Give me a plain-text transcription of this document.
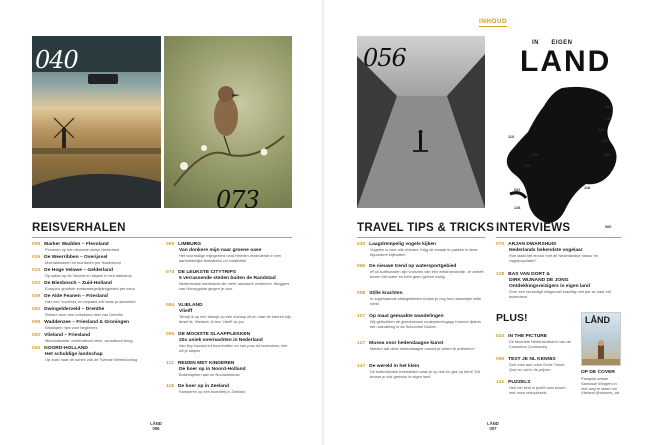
INHOUD
040
073
056
IN EIGEN
LAND
004
016
021
005
008
118
076
073
032
128
060
110
REISVERHALEN	TRAVEL TIPS & TRICKS INTERVIEWS
PLUS!
008 Marker Wadden – Flevoland
Pioneren op het nieuwste stukje Nederland
016 De Weerribben – Overijssel
Moerasbossen en kronkelen per fluisterboot
020 De Hoge Veluwe – Gelderland
Op safari op de Veluwe en slapen in een dakkamp
032 De Biesbosch – Zuid-Holland
Europa's grootste zoetwatergetijdengebied per kano
036 De Alde Feanen – Friesland
Hier een 'voorhuis' en bepaald zelf waar je aanmeert
052 Dwingelderveld – Drenthe
Fietsen door een onbekend deel van Drenthe
058 Waddenzee – Friesland & Groningen
Wadlopen: tips voor beginners
062 Vlieland – Friesland
Microvakantie: ochtendboot heen, avondboot terug
040 NOORD-HOLLAND
Het schuldige landschap
Op zoek naar de ruïnes van de Tweede Wereldoorlog
060 LIMBURG
Van donkere mijn naar groene oase
Het voormalige mijngebied rond Heerlen veranderde in een aantrekkelijke fietsstreek vol creativiteit
074 DE LEUKSTE CITYTRIPS
5 verrassende steden buiten de Randstad
Nederlandse stedtrands die meer aandacht verdienen. Bloggers van Honeyguide gingen je voor
084 VLIELAND
Vlieiff
Terwijl ik op een bankje op een duintop zit en naar de sterren kijk, besef ik: Vlieland, ik ben 'vlieiff' op jou
095 DE MOOISTE SLAAPPLEKKEN
20x uniek overnachten in Nederland
Van tiny houses tot boomhutten en van purs tot boshuizen, hier wil je slapen
112 REIZEN MET KINDEREN
De boer op in Noord-Holland
Buitenspelen aan de Noordzeekust
118 De boer op in Zeeland
Kamperen op een boerderij in Zeeland
030 Laagdrempelig vogels kijken
Vogelen is voor alle niveaus. Krijg de smaak te pakken in deze bijzondere kijkhutten
056 De nieuwe trend op watersportgebied
eFoil-surfboarden zijn voorzien van een elektromotortje. Je zweeft boven het water en hebt geen golven nodig
058 Stille krachten
In zogenaamde stiltegebieden ervaar je nog hoe natuurlijke stilte klinkt
107 Op maat gemaakte wandelingen
Wij gebruikten de gloednieuwe routeplanningapp Komoot tijdens een wandeling in de Schoorlse Duinen
127 Musea voor hedendaagse kunst
Meiden dat deze hedendaagse musea je weten te prikkelen?
147 De wereld in het klein
De buitenlandse treinsteden waar je op reis en gek op bent? Dit ervaar je ook gewoon in eigen land
070 ARJAN DWARSHUIS
Nederlands bekendste vogelaar
Hoe staat het ervoor met de Nederlandse natuur en vogelpopulatie?
128 BAS VAN DORT &
DIRK WIJNAND DE JONG
Ontdekkingsreizigers in eigen land
Over een verzadigd reisgevoel krachtig niet per se naar het buitenland
034 IN THE PICTURE
De favoriete Nederlandfoto's van de Columbus Community
086 TEST JE NL KENNIS
Doe mee aan onze Grote Travel Quiz en val in de prijzen
142 PUZZELS
Heb het kind in jezelf naar boven met onze reisquizzels
LÅND
OP DE COVER
Pasquim-artiste Samusse Wingers in met weg te staan om Vlieland @simone_wit
LÅND
006
LÅND
007
